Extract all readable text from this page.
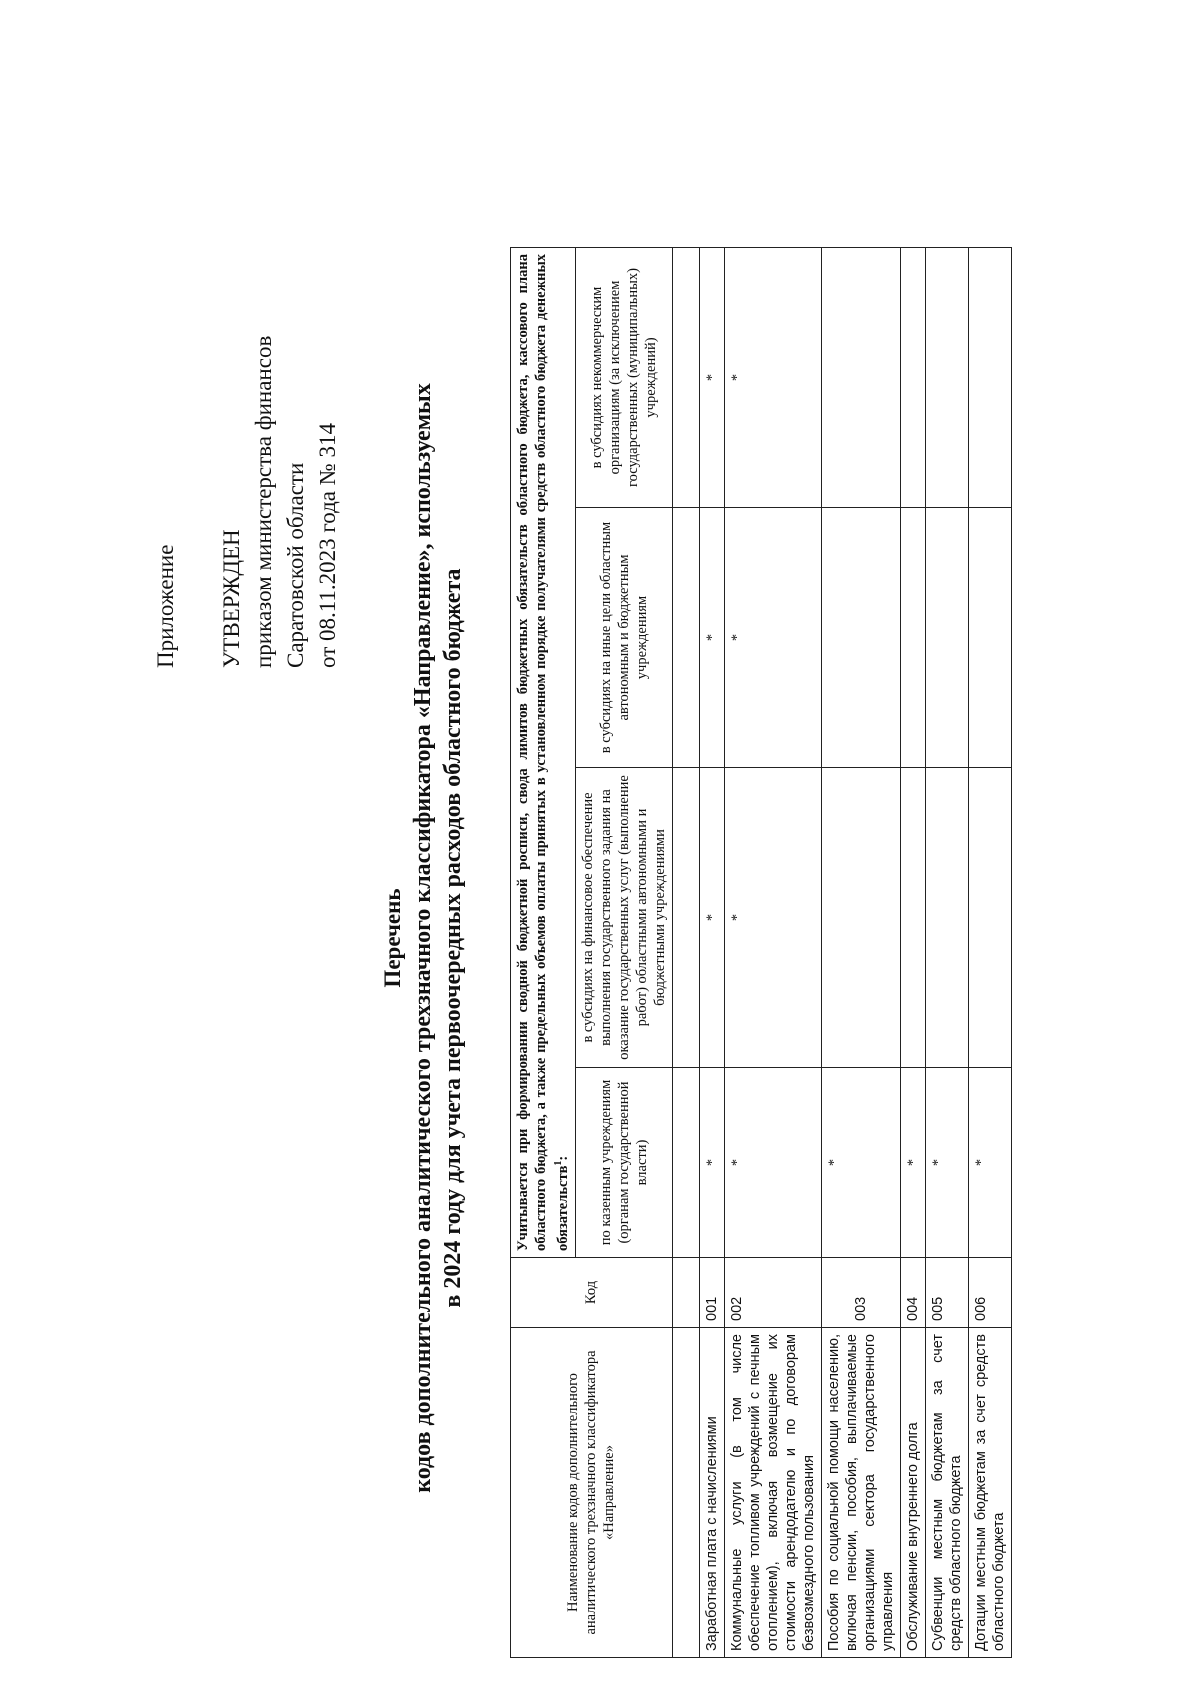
Приложение УТВЕРЖДЕН приказом министерства финансов Саратовской области от 08.11.2023 года № 314
Перечень кодов дополнительного аналитического трехзначного классификатора «Направление», используемых в 2024 году для учета первоочередных расходов областного бюджета
Наименование кодов дополнительного аналитического трехзначного классификатора «Направление»	Код	Учитывается при формировании сводной бюджетной росписи, свода лимитов бюджетных обязательств областного бюджета, кассового плана областного бюджета, а также предельных объемов оплаты принятых в установленном порядке получателями средств областного бюджета денежных обязательств$^1$:			
		по казенным учреждениям (органам государственной власти)	в субсидиях на финансовое обеспечение выполнения государственного задания на оказание государственных услуг (выполнение работ) областными автономными и бюджетными учреждениями	в субсидиях на иные цели областным автономным и бюджетным учреждениям	в субсидиях некоммерческим организациям (за исключением государственных (муниципальных) учреждений)

Заработная плата с начислениями	001	*	*	*	*
Коммунальные услуги (в том числе обеспечение топливом учреждений с печным отоплением), включая возмещение их стоимости арендодателю и по договорам безвозмездного пользования	002	*	*	*	*
Пособия по социальной помощи населению, включая пенсии, пособия, выплачиваемые организациями сектора государственного управления	003	*			
Обслуживание внутреннего долга	004	*			
Субвенции местным бюджетам за счет средств областного бюджета	005	*			
Дотации местным бюджетам за счет средств областного бюджета	006	*			
